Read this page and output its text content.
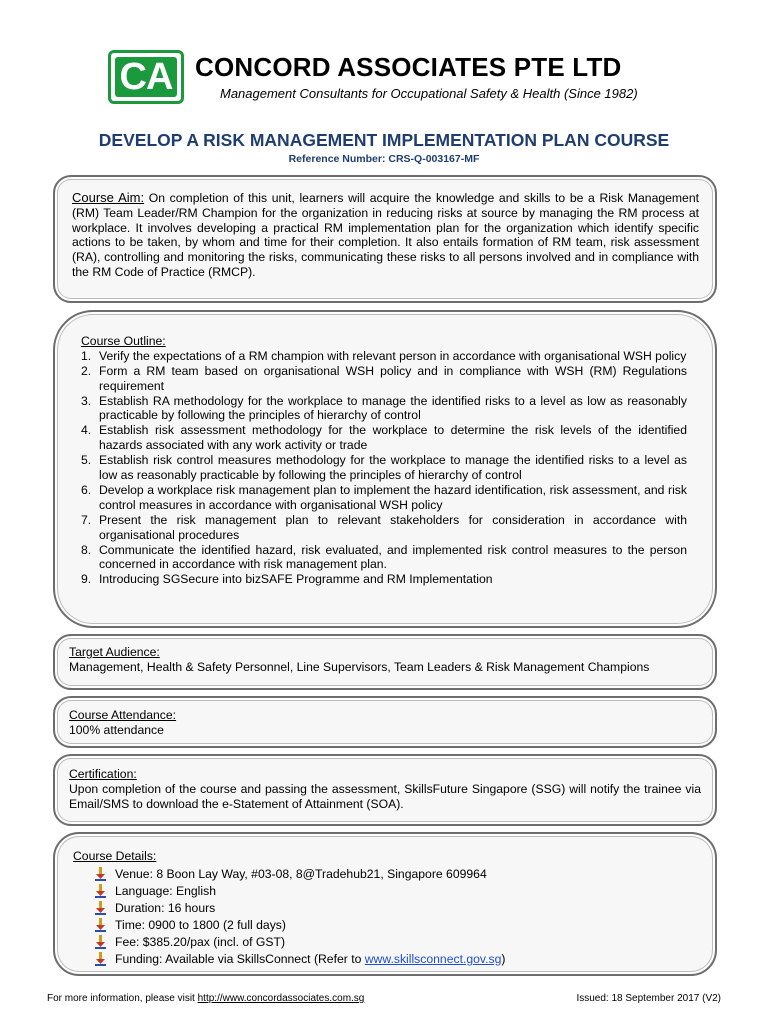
CA CONCORD ASSOCIATES PTE LTD
Management Consultants for Occupational Safety & Health (Since 1982)
DEVELOP A RISK MANAGEMENT IMPLEMENTATION PLAN COURSE
Reference Number: CRS-Q-003167-MF
Course Aim: On completion of this unit, learners will acquire the knowledge and skills to be a Risk Management (RM) Team Leader/RM Champion for the organization in reducing risks at source by managing the RM process at workplace. It involves developing a practical RM implementation plan for the organization which identify specific actions to be taken, by whom and time for their completion. It also entails formation of RM team, risk assessment (RA), controlling and monitoring the risks, communicating these risks to all persons involved and in compliance with the RM Code of Practice (RMCP).
Course Outline:
1. Verify the expectations of a RM champion with relevant person in accordance with organisational WSH policy
2. Form a RM team based on organisational WSH policy and in compliance with WSH (RM) Regulations requirement
3. Establish RA methodology for the workplace to manage the identified risks to a level as low as reasonably practicable by following the principles of hierarchy of control
4. Establish risk assessment methodology for the workplace to determine the risk levels of the identified hazards associated with any work activity or trade
5. Establish risk control measures methodology for the workplace to manage the identified risks to a level as low as reasonably practicable by following the principles of hierarchy of control
6. Develop a workplace risk management plan to implement the hazard identification, risk assessment, and risk control measures in accordance with organisational WSH policy
7. Present the risk management plan to relevant stakeholders for consideration in accordance with organisational procedures
8. Communicate the identified hazard, risk evaluated, and implemented risk control measures to the person concerned in accordance with risk management plan.
9. Introducing SGSecure into bizSAFE Programme and RM Implementation
Target Audience:
Management, Health & Safety Personnel, Line Supervisors, Team Leaders & Risk Management Champions
Course Attendance:
100% attendance
Certification:
Upon completion of the course and passing the assessment, SkillsFuture Singapore (SSG) will notify the trainee via Email/SMS to download the e-Statement of Attainment (SOA).
Course Details:
Venue: 8 Boon Lay Way, #03-08, 8@Tradehub21, Singapore 609964
Language: English
Duration: 16 hours
Time: 0900 to 1800 (2 full days)
Fee: $385.20/pax (incl. of GST)
Funding: Available via SkillsConnect (Refer to www.skillsconnect.gov.sg)
For more information, please visit http://www.concordassociates.com.sg	Issued: 18 September 2017 (V2)
